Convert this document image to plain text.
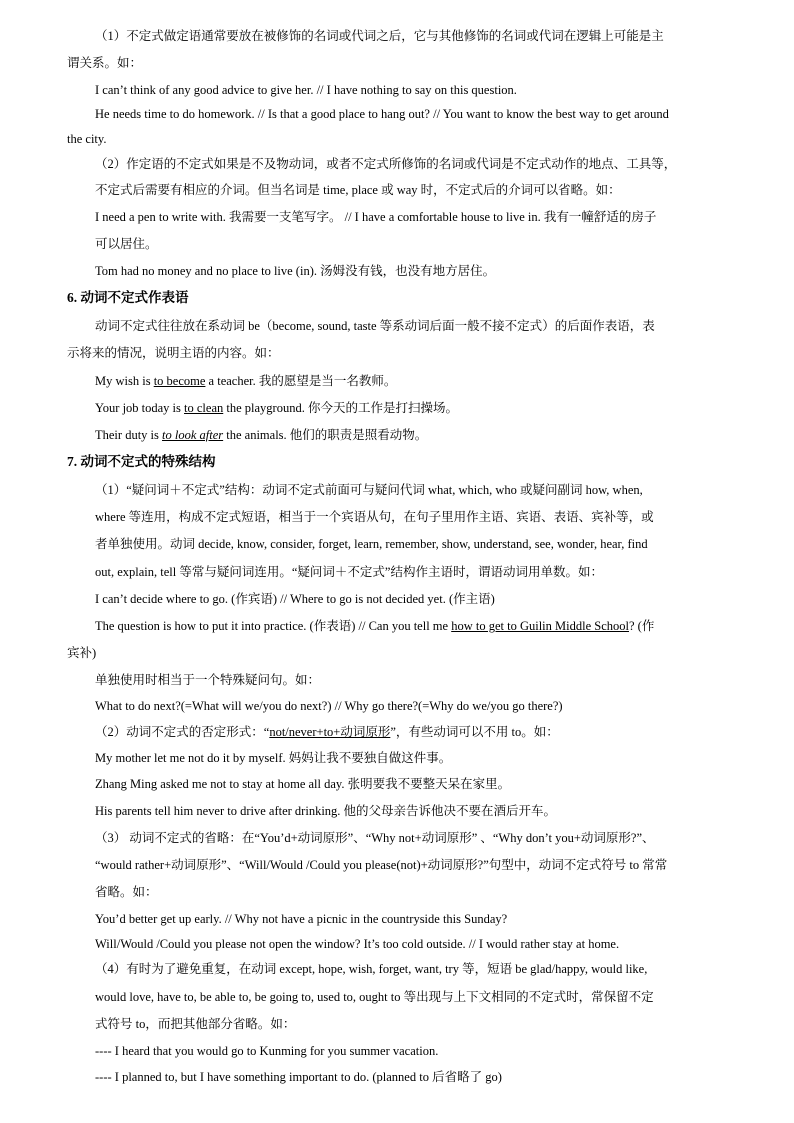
（1）不定式做定语通常要放在被修饰的名词或代词之后，它与其他修饰的名词或代词在逻辑上可能是主
谓关系。如：
I can’t think of any good advice to give her. // I have nothing to say on this question.
He needs time to do homework. // Is that a good place to hang out? // You want to know the best way to get around
the city.
（2）作定语的不定式如果是不及物动词，或者不定式所修饰的名词或代词是不定式动作的地点、工具等，
不定式后需要有相应的介词。但当名词是 time, place 或 way 时，不定式后的介词可以省略。如：
I need a pen to write with. 我需要一支笔写字。 // I have a comfortable house to live in. 我有一幢舒适的房子
可以居住。
Tom had no money and no place to live (in). 汤姆没有钱，也没有地方居住。
6. 动词不定式作表语
动词不定式往往放在系动词 be（become, sound, taste 等系动词后面一般不接不定式）的后面作表语，表
示将来的情况，说明主语的内容。如：
My wish is to become a teacher. 我的愿望是当一名教师。
Your job today is to clean the playground. 你今天的工作是打扫操场。
Their duty is to look after the animals. 他们的职责是照看动物。
7. 动词不定式的特殊结构
（1）“疑问词＋不定式”结构：动词不定式前面可与疑问代词 what, which, who 或疑问副词 how, when,
where 等连用，构成不定式短语，相当于一个宾语从句，在句子里用作主语、宾语、表语、宾补等，或
者单独使用。动词 decide, know, consider, forget, learn, remember, show, understand, see, wonder, hear, find
out, explain, tell 等常与疑问词连用。“疑问词＋不定式”结构作主语时，谓语动词用单数。如：
I can’t decide where to go. (作宾语) // Where to go is not decided yet. (作主语)
The question is how to put it into practice. (作表语) // Can you tell me how to get to Guilin Middle School? (作
宾补)
单独使用时相当于一个特殊疑问句。如：
What to do next?(=What will we/you do next?) // Why go there?(=Why do we/you go there?)
（2）动词不定式的否定形式：“not/never+to+动词原形”，有些动词可以不用 to。如：
My mother let me not do it by myself. 妈妈让我不要独自做这件事。
Zhang Ming asked me not to stay at home all day. 张明要我不要整天呆在家里。
His parents tell him never to drive after drinking. 他的父母亲告诉他决不要在酒后开车。
（3） 动词不定式的省略：在“You’d+动词原形”、“Why not+动词原形” 、“Why don’t you+动词原形?”、
“would rather+动词原形”、“Will/Would /Could you please(not)+动词原形?”句型中，动词不定式符号 to 常常
省略。如：
You’d better get up early. // Why not have a picnic in the countryside this Sunday?
Will/Would /Could you please not open the window? It’s too cold outside. // I would rather stay at home.
（4）有时为了避免重复，在动词 except, hope, wish, forget, want, try 等，短语 be glad/happy, would like,
would love, have to, be able to, be going to, used to, ought to 等出现与上下文相同的不定式时，常保留不定
式符号 to，而把其他部分省略。如：
---- I heard that you would go to Kunming for you summer vacation.
---- I planned to, but I have something important to do. (planned to 后省略了 go)
